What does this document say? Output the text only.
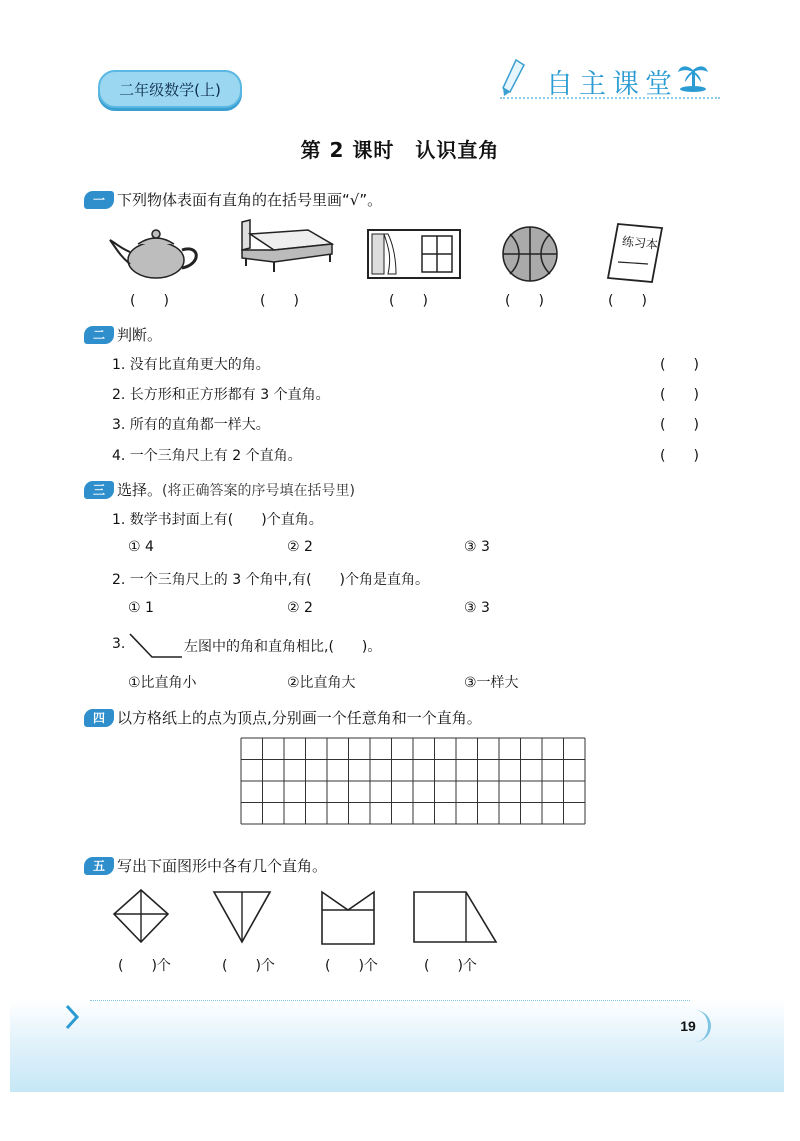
二年级数学(上)	自主课堂
第 2 课时　认识直角
一 下列物体表面有直角的在括号里画“√”。
练习本
(　　)	(　　)	(　　)	(　　)	(　　)
二 判断。
1. 没有比直角更大的角。	(　　)
2. 长方形和正方形都有 3 个直角。	(　　)
3. 所有的直角都一样大。	(　　)
4. 一个三角尺上有 2 个直角。	(　　)
三 选择。 (将正确答案的序号填在括号里)
1. 数学书封面上有(　　)个直角。
① 4	② 2	③ 3
2. 一个三角尺上的 3 个角中,有(　　)个角是直角。
① 1	② 2	③ 3
3.	左图中的角和直角相比,(　　)。
①比直角小	②比直角大	③一样大
四 以方格纸上的点为顶点,分别画一个任意角和一个直角。
五 写出下面图形中各有几个直角。
(　　)个	(　　)个	(　　)个	(　　)个
19
